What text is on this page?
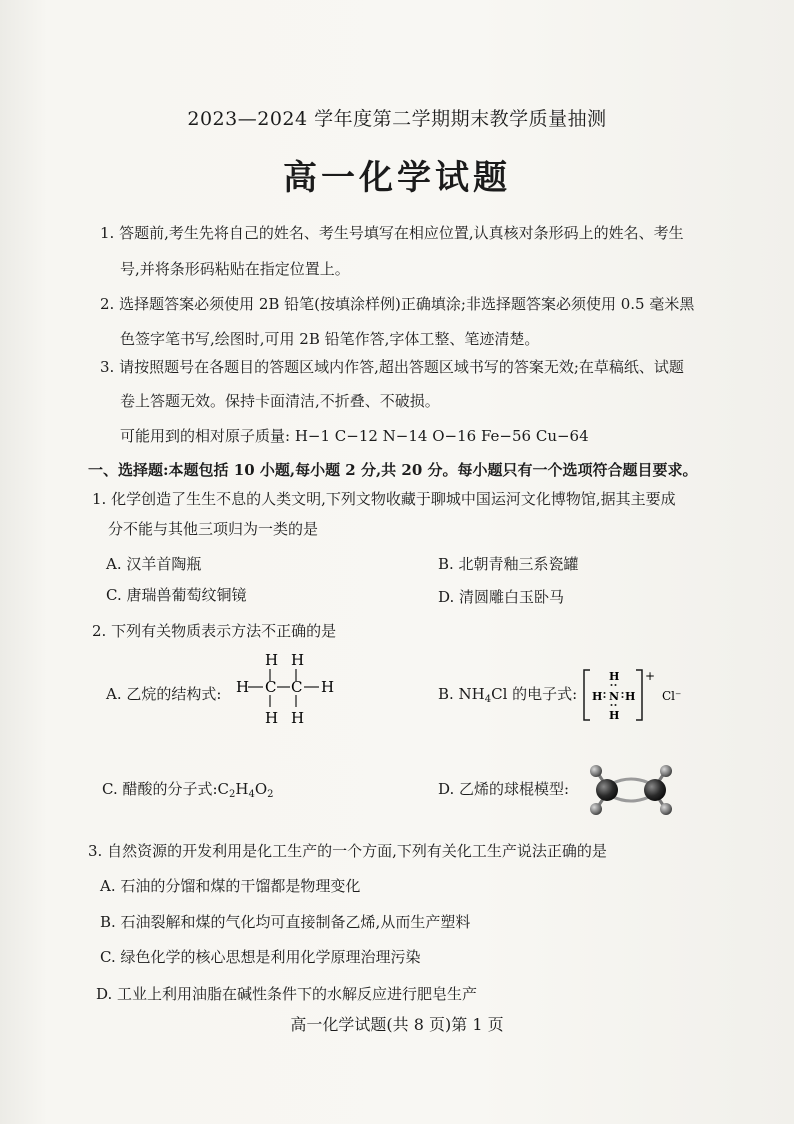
2023—2024 学年度第二学期期末教学质量抽测
高一化学试题
1. 答题前,考生先将自己的姓名、考生号填写在相应位置,认真核对条形码上的姓名、考生
号,并将条形码粘贴在指定位置上。
2. 选择题答案必须使用 2B 铅笔(按填涂样例)正确填涂;非选择题答案必须使用 0.5 毫米黑
色签字笔书写,绘图时,可用 2B 铅笔作答,字体工整、笔迹清楚。
3. 请按照题号在各题目的答题区域内作答,超出答题区域书写的答案无效;在草稿纸、试题
卷上答题无效。保持卡面清洁,不折叠、不破损。
可能用到的相对原子质量: H−1 C−12 N−14 O−16 Fe−56 Cu−64
一、选择题:本题包括 10 小题,每小题 2 分,共 20 分。每小题只有一个选项符合题目要求。
1. 化学创造了生生不息的人类文明,下列文物收藏于聊城中国运河文化博物馆,据其主要成
分不能与其他三项归为一类的是
A. 汉羊首陶瓶	B. 北朝青釉三系瓷罐
C. 唐瑞兽葡萄纹铜镜	D. 清圆雕白玉卧马
2. 下列有关物质表示方法不正确的是
A. 乙烷的结构式:
H H
H C C H
H H
B. $NH_4Cl$ 的电子式:
+
H
H N H
H
Cl⁻
C. 醋酸的分子式$:C_2H_4O_2$	D. 乙烯的球棍模型:
3. 自然资源的开发利用是化工生产的一个方面,下列有关化工生产说法正确的是
A. 石油的分馏和煤的干馏都是物理变化
B. 石油裂解和煤的气化均可直接制备乙烯,从而生产塑料
C. 绿色化学的核心思想是利用化学原理治理污染
D. 工业上利用油脂在碱性条件下的水解反应进行肥皂生产
高一化学试题(共 8 页)第 1 页
